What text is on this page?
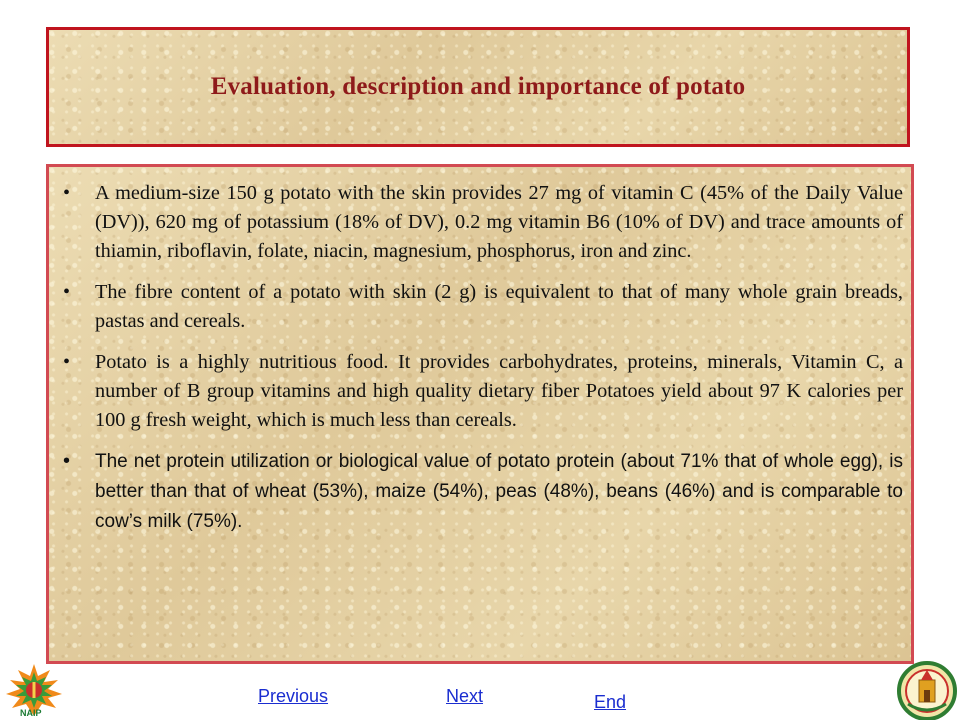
Evaluation, description and importance of potato
• A medium-size 150 g potato with the skin provides 27 mg of vitamin C (45% of the Daily Value (DV)), 620 mg of potassium (18% of DV), 0.2 mg vitamin B6 (10% of DV) and trace amounts of thiamin, riboflavin, folate, niacin, magnesium, phosphorus, iron and zinc.
• The fibre content of a potato with skin (2 g) is equivalent to that of many whole grain breads, pastas and cereals.
• Potato is a highly nutritious food. It provides carbohydrates, proteins, minerals, Vitamin C, a number of B group vitamins and high quality dietary fiber Potatoes yield about 97 K calories per 100 g fresh weight, which is much less than cereals.
• The net protein utilization or biological value of potato protein (about 71% that of whole egg), is better than that of wheat (53%), maize (54%), peas (48%), beans (46%) and is comparable to cow’s milk (75%).
NAIP
Previous	Next	End
